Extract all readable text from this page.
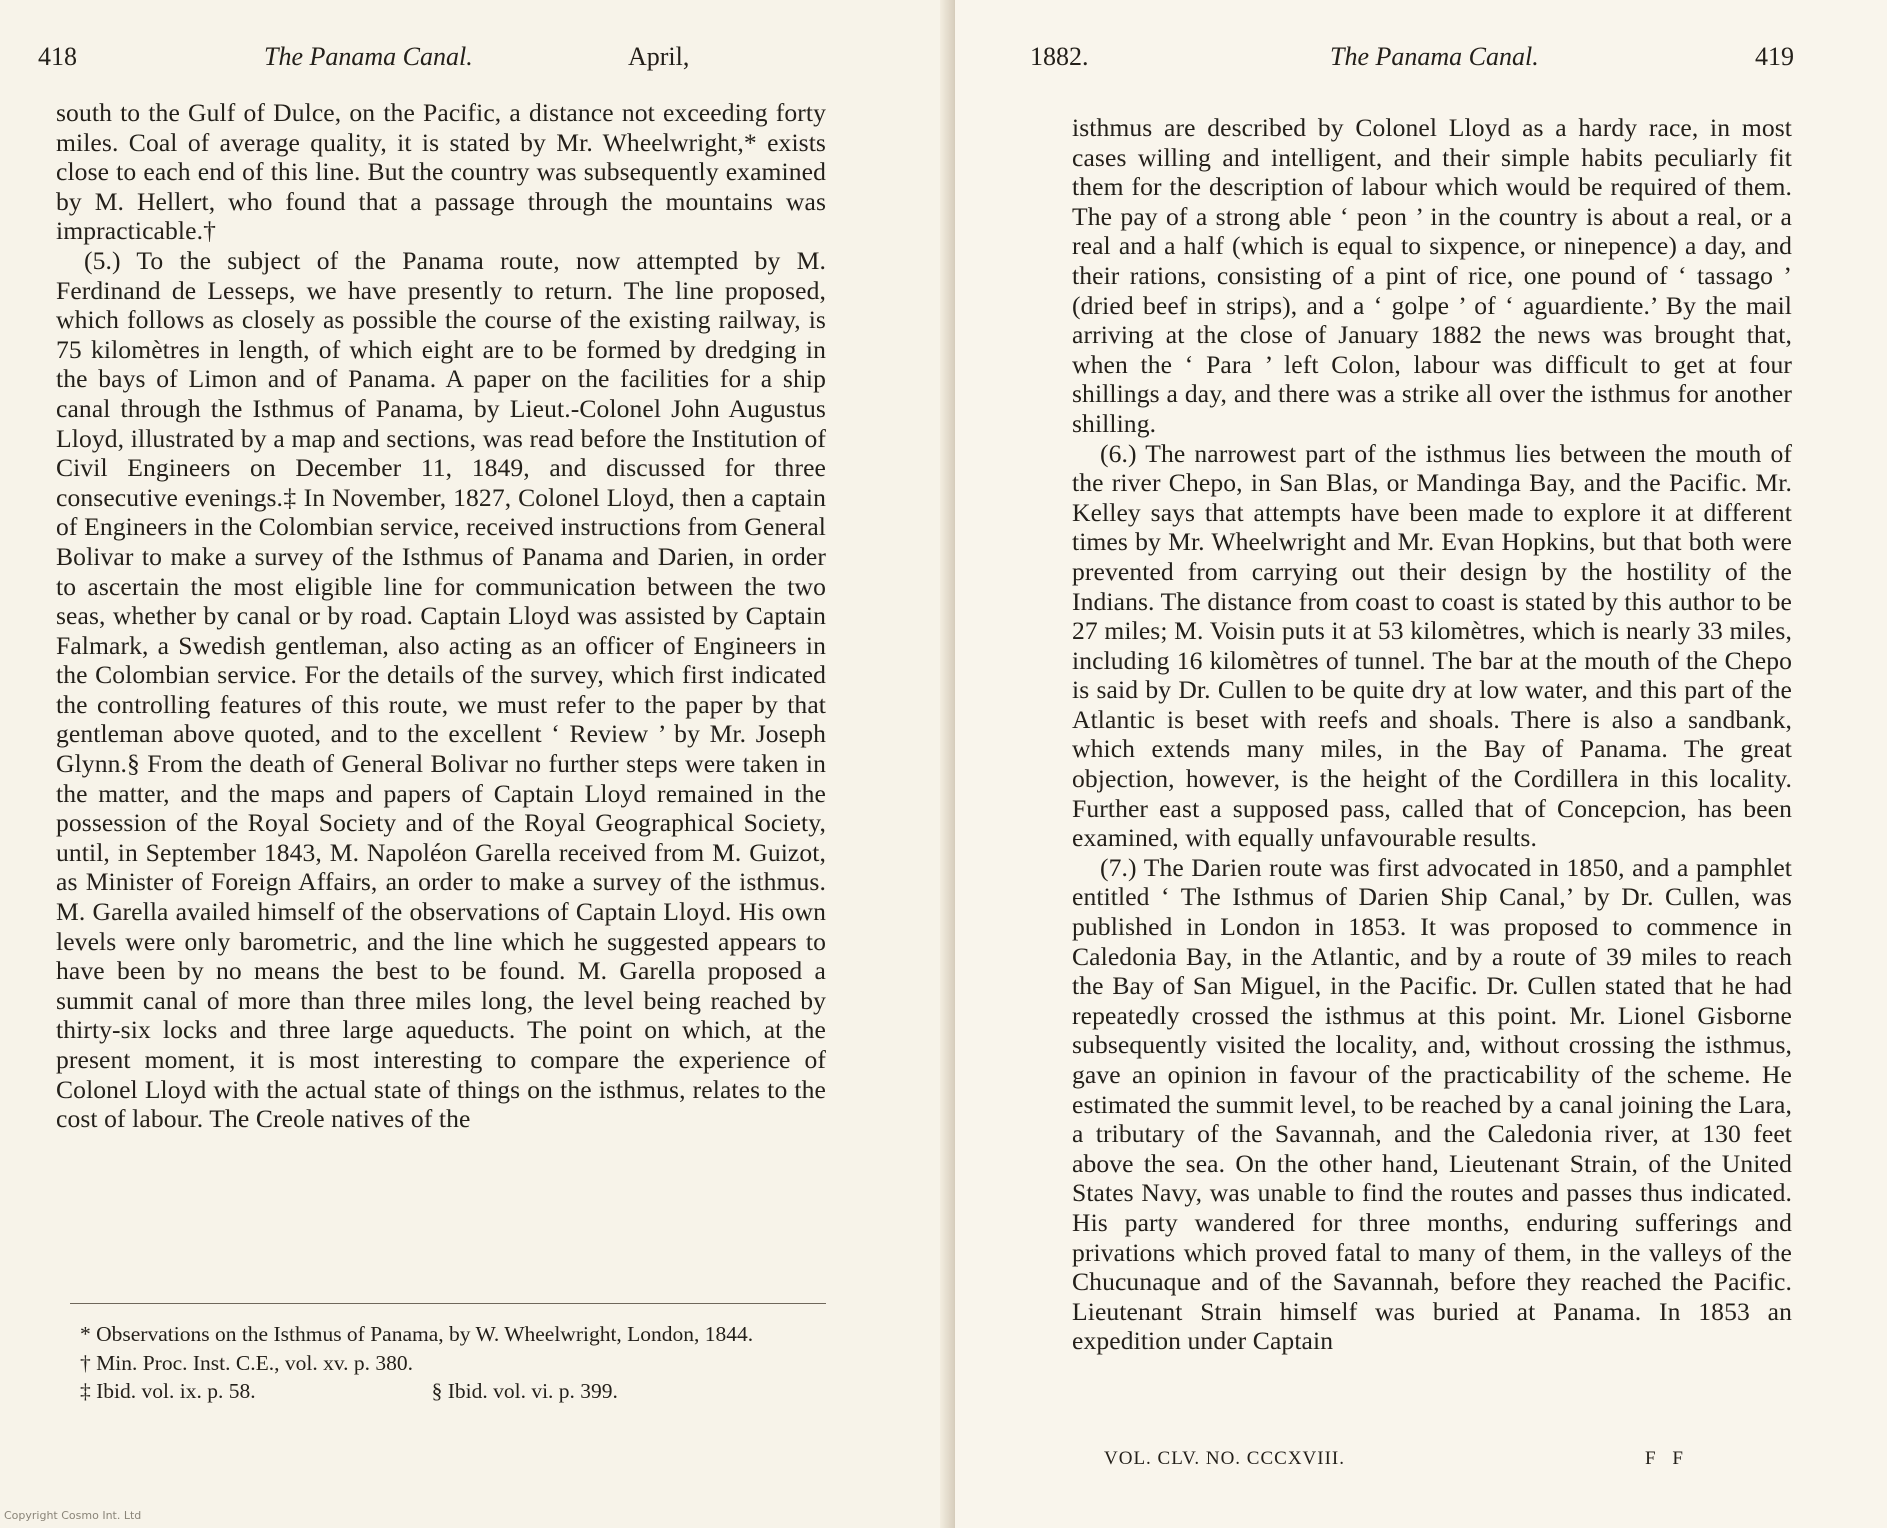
418	The Panama Canal.	April,

south to the Gulf of Dulce, on the Pacific, a distance not exceeding forty miles. Coal of average quality, it is stated by Mr. Wheelwright,* exists close to each end of this line. But the country was subsequently examined by M. Hellert, who found that a passage through the mountains was impracticable.†

(5.) To the subject of the Panama route, now attempted by M. Ferdinand de Lesseps, we have presently to return. The line proposed, which follows as closely as possible the course of the existing railway, is 75 kilomètres in length, of which eight are to be formed by dredging in the bays of Limon and of Panama. A paper on the facilities for a ship canal through the Isthmus of Panama, by Lieut.-Colonel John Augustus Lloyd, illustrated by a map and sections, was read before the Institution of Civil Engineers on December 11, 1849, and discussed for three consecutive evenings.‡ In November, 1827, Colonel Lloyd, then a captain of Engineers in the Colombian service, received instructions from General Bolivar to make a survey of the Isthmus of Panama and Darien, in order to ascertain the most eligible line for communication between the two seas, whether by canal or by road. Captain Lloyd was assisted by Captain Falmark, a Swedish gentleman, also acting as an officer of Engineers in the Colombian service. For the details of the survey, which first indicated the controlling features of this route, we must refer to the paper by that gentleman above quoted, and to the excellent ‘ Review ’ by Mr. Joseph Glynn.§ From the death of General Bolivar no further steps were taken in the matter, and the maps and papers of Captain Lloyd remained in the possession of the Royal Society and of the Royal Geographical Society, until, in September 1843, M. Napoléon Garella received from M. Guizot, as Minister of Foreign Affairs, an order to make a survey of the isthmus. M. Garella availed himself of the observations of Captain Lloyd. His own levels were only barometric, and the line which he suggested appears to have been by no means the best to be found. M. Garella proposed a summit canal of more than three miles long, the level being reached by thirty-six locks and three large aqueducts. The point on which, at the present moment, it is most interesting to compare the experience of Colonel Lloyd with the actual state of things on the isthmus, relates to the cost of labour. The Creole natives of the

* Observations on the Isthmus of Panama, by W. Wheelwright, London, 1844.

† Min. Proc. Inst. C.E., vol. xv. p. 380.

‡ Ibid. vol. ix. p. 58.	§ Ibid. vol. vi. p. 399.

1882.	The Panama Canal.	419

isthmus are described by Colonel Lloyd as a hardy race, in most cases willing and intelligent, and their simple habits peculiarly fit them for the description of labour which would be required of them. The pay of a strong able ‘ peon ’ in the country is about a real, or a real and a half (which is equal to sixpence, or ninepence) a day, and their rations, consisting of a pint of rice, one pound of ‘ tassago ’ (dried beef in strips), and a ‘ golpe ’ of ‘ aguardiente.’ By the mail arriving at the close of January 1882 the news was brought that, when the ‘ Para ’ left Colon, labour was difficult to get at four shillings a day, and there was a strike all over the isthmus for another shilling.

(6.) The narrowest part of the isthmus lies between the mouth of the river Chepo, in San Blas, or Mandinga Bay, and the Pacific. Mr. Kelley says that attempts have been made to explore it at different times by Mr. Wheelwright and Mr. Evan Hopkins, but that both were prevented from carrying out their design by the hostility of the Indians. The distance from coast to coast is stated by this author to be 27 miles; M. Voisin puts it at 53 kilomètres, which is nearly 33 miles, including 16 kilomètres of tunnel. The bar at the mouth of the Chepo is said by Dr. Cullen to be quite dry at low water, and this part of the Atlantic is beset with reefs and shoals. There is also a sandbank, which extends many miles, in the Bay of Panama. The great objection, however, is the height of the Cordillera in this locality. Further east a supposed pass, called that of Concepcion, has been examined, with equally unfavourable results.

(7.) The Darien route was first advocated in 1850, and a pamphlet entitled ‘ The Isthmus of Darien Ship Canal,’ by Dr. Cullen, was published in London in 1853. It was proposed to commence in Caledonia Bay, in the Atlantic, and by a route of 39 miles to reach the Bay of San Miguel, in the Pacific. Dr. Cullen stated that he had repeatedly crossed the isthmus at this point. Mr. Lionel Gisborne subsequently visited the locality, and, without crossing the isthmus, gave an opinion in favour of the practicability of the scheme. He estimated the summit level, to be reached by a canal joining the Lara, a tributary of the Savannah, and the Caledonia river, at 130 feet above the sea. On the other hand, Lieutenant Strain, of the United States Navy, was unable to find the routes and passes thus indicated. His party wandered for three months, enduring sufferings and privations which proved fatal to many of them, in the valleys of the Chucunaque and of the Savannah, before they reached the Pacific. Lieutenant Strain himself was buried at Panama. In 1853 an expedition under Captain

VOL. CLV. NO. CCCXVIII.	F F
Copyright Cosmo Int. Ltd
